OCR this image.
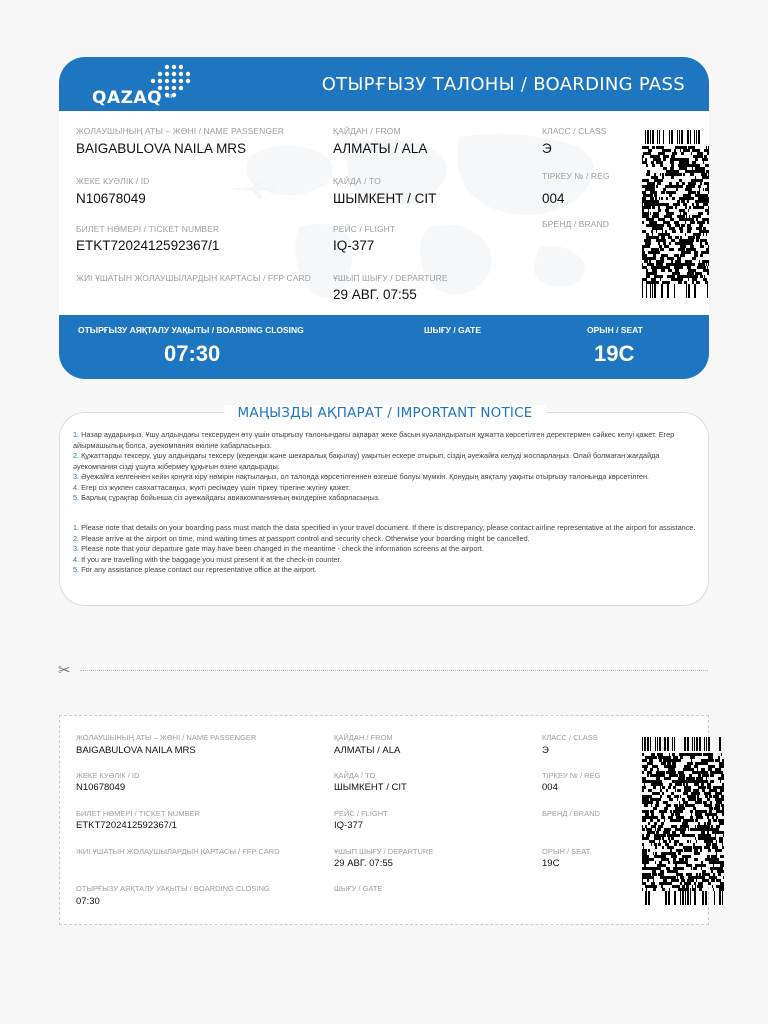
QAZAQ AIR
ОТЫРҒЫЗУ ТАЛОНЫ / BOARDING PASS
ЖОЛАУШЫНЫҢ АТЫ – ЖӨНІ / NAME PASSENGER
BAIGABULOVA NAILA MRS
ЖЕКЕ КУӘЛІК / ID
N10678049
БИЛЕТ НӨМЕРІ / TICKET NUMBER
ETKT7202412592367/1
ЖИІ ҰШАТЫН ЖОЛАУШЫЛАРДЫН КАРТАСЫ / FFP CARD
ҚАЙДАН / FROM
АЛМАТЫ / ALA
ҚАЙДА / TO
ШЫМКЕНТ / CIT
РЕЙС / FLIGHT
IQ-377
ҰШЫП ШЫҒУ / DEPARTURE
29 АВГ. 07:55
КЛАСС / CLASS
Э
ТІРКЕУ № / REG
004
БРЕНД / BRAND
ОТЫРҒЫЗУ АЯҚТАЛУ УАҚЫТЫ / BOARDING CLOSING
07:30
ШЫҒУ / GATE	ОРЫН / SEAT
19C
МАҢЫЗДЫ АҚПАРАТ / IMPORTANT NOTICE
1. Назар аударыңыз. Ұшу алдындағы тексеруден өту үшін отырғызу талонындағы ақпарат жеке басын куәландыратын құжатта көрсетілген деректермен сәйкес келуі қажет. Егер айырмашылық болса, әуекомпания өкіліне хабарласыңыз.
2. Құжаттарды тексеру, ұшу алдындағы тексеру (кедендік және шекаралық бақылау) уақытын ескере отырып, сіздің әуежайға келуді жоспарлаңыз. Олай болмаған жағдайда әуекомпания сізді ұшуға жібермеу құқығын өзіне қалдырады.
3. Әуежайға келгеннен кейін қонуға кіру нөмірін нақтылаңыз, ол талонда көрсетілгеннен өзгеше болуы мүмкін. Қонудың аяқталу уақыты отырғызу талонында көрсетілген.
4. Егер сіз жүкпен саяхаттасаңыз, жүкті ресімдеу үшін тіркеу тірегіне жүгіну қажет.
5. Барлық сұрақтар бойынша сіз әуежайдағы авиакомпанияның өкілдеріне хабарласыңыз.
1. Please note that details on your boarding pass must match the data specified in your travel document. If there is discrepancy, please contact airline representative at the airport for assistance.
2. Please arrive at the airport on time, mind waiting times at passport control and security check. Otherwise your boarding might be cancelled.
3. Please note that your departure gate may have been changed in the meantime - check the information screens at the airport.
4. If you are travelling with the baggage you must present it at the check-in counter.
5. For any assistance please contact our representative office at the airport.
✂
ЖОЛАУШЫНЫҢ АТЫ – ЖӨНІ / NAME PASSENGER
BAIGABULOVA NAILA MRS
ЖЕКЕ КУӘЛІК / ID
N10678049
БИЛЕТ НӨМЕРІ / TICKET NUMBER
ETKT7202412592367/1
ЖИІ ҰШАТЫН ЖОЛАУШЫЛАРДЫН КАРТАСЫ / FFP CARD
ОТЫРҒЫЗУ АЯҚТАЛУ УАҚЫТЫ / BOARDING CLOSING
07:30
ҚАЙДАН / FROM
АЛМАТЫ / ALA
ҚАЙДА / TO
ШЫМКЕНТ / CIT
РЕЙС / FLIGHT
IQ-377
ҰШЫП ШЫҒУ / DEPARTURE
29 АВГ. 07:55
ШЫҒУ / GATE
КЛАСС / CLASS
Э
ТІРКЕУ № / REG
004
БРЕНД / BRAND
ОРЫН / SEAT
19C
